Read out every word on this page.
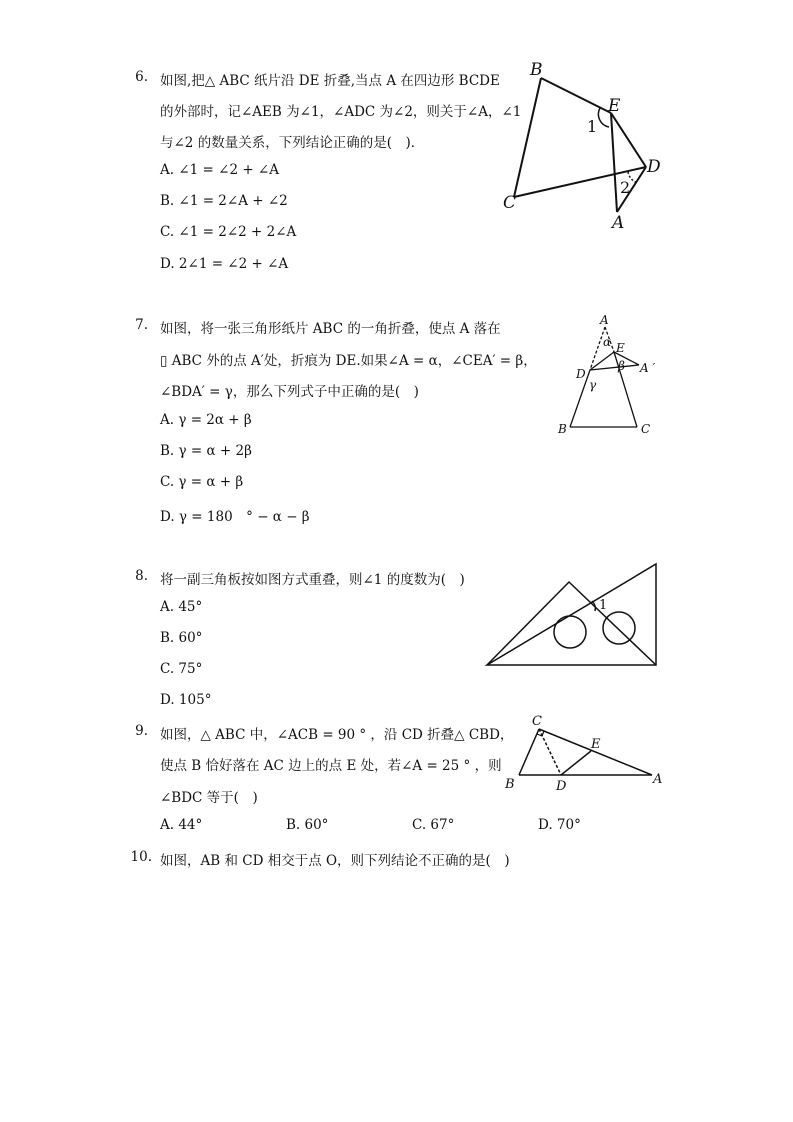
6. 如图,把△ ABC 纸片沿 DE 折叠,当点 A 在四边形 BCDE
的外部时，记∠AEB 为∠1，∠ADC 为∠2，则关于∠A，∠1
与∠2 的数量关系，下列结论正确的是(　)．
A. ∠1 = ∠2 + ∠A
B. ∠1 = 2∠A + ∠2
C. ∠1 = 2∠2 + 2∠A
D. 2∠1 = ∠2 + ∠A
B
E
1
D
2
C
A
7. 如图，将一张三角形纸片 ABC 的一角折叠，使点 A 落在
▯ ABC 外的点 A′处，折痕为 DE.如果∠A = α，∠CEA′ = β，
∠BDA′ = γ，那么下列式子中正确的是(　)
A. γ = 2α + β
B. γ = α + 2β
C. γ = α + β
D. γ = 180　° − α − β
A
α E
D
β A ′
γ
B	C
8. 将一副三角板按如图方式重叠，则∠1 的度数为(　)
A. 45°
B. 60°
C. 75°
D. 105°
1
9. 如图，△ ABC 中，∠ACB = 90 ° ，沿 CD 折叠△ CBD，
使点 B 恰好落在 AC 边上的点 E 处，若∠A = 25 ° ，则
∠BDC 等于(　)
A. 44°	B. 60°	C. 67°	D. 70°
C
E
B	D	A
10. 如图，AB 和 CD 相交于点 O，则下列结论不正确的是(　)
